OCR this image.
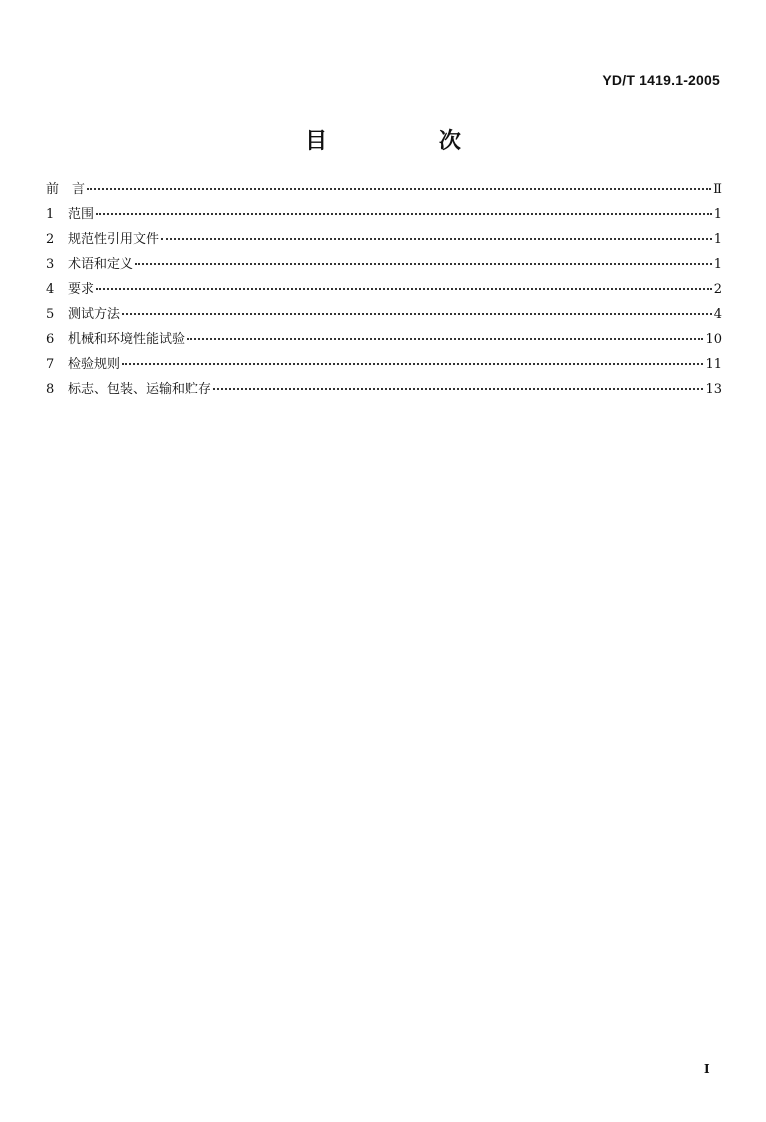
YD/T 1419.1-2005
目 次
前　言	Ⅱ
1	范围	1
2	规范性引用文件	1
3	术语和定义	1
4	要求	2
5	测试方法	4
6	机械和环境性能试验	10
7	检验规则	11
8	标志、包装、运输和贮存	13
I
